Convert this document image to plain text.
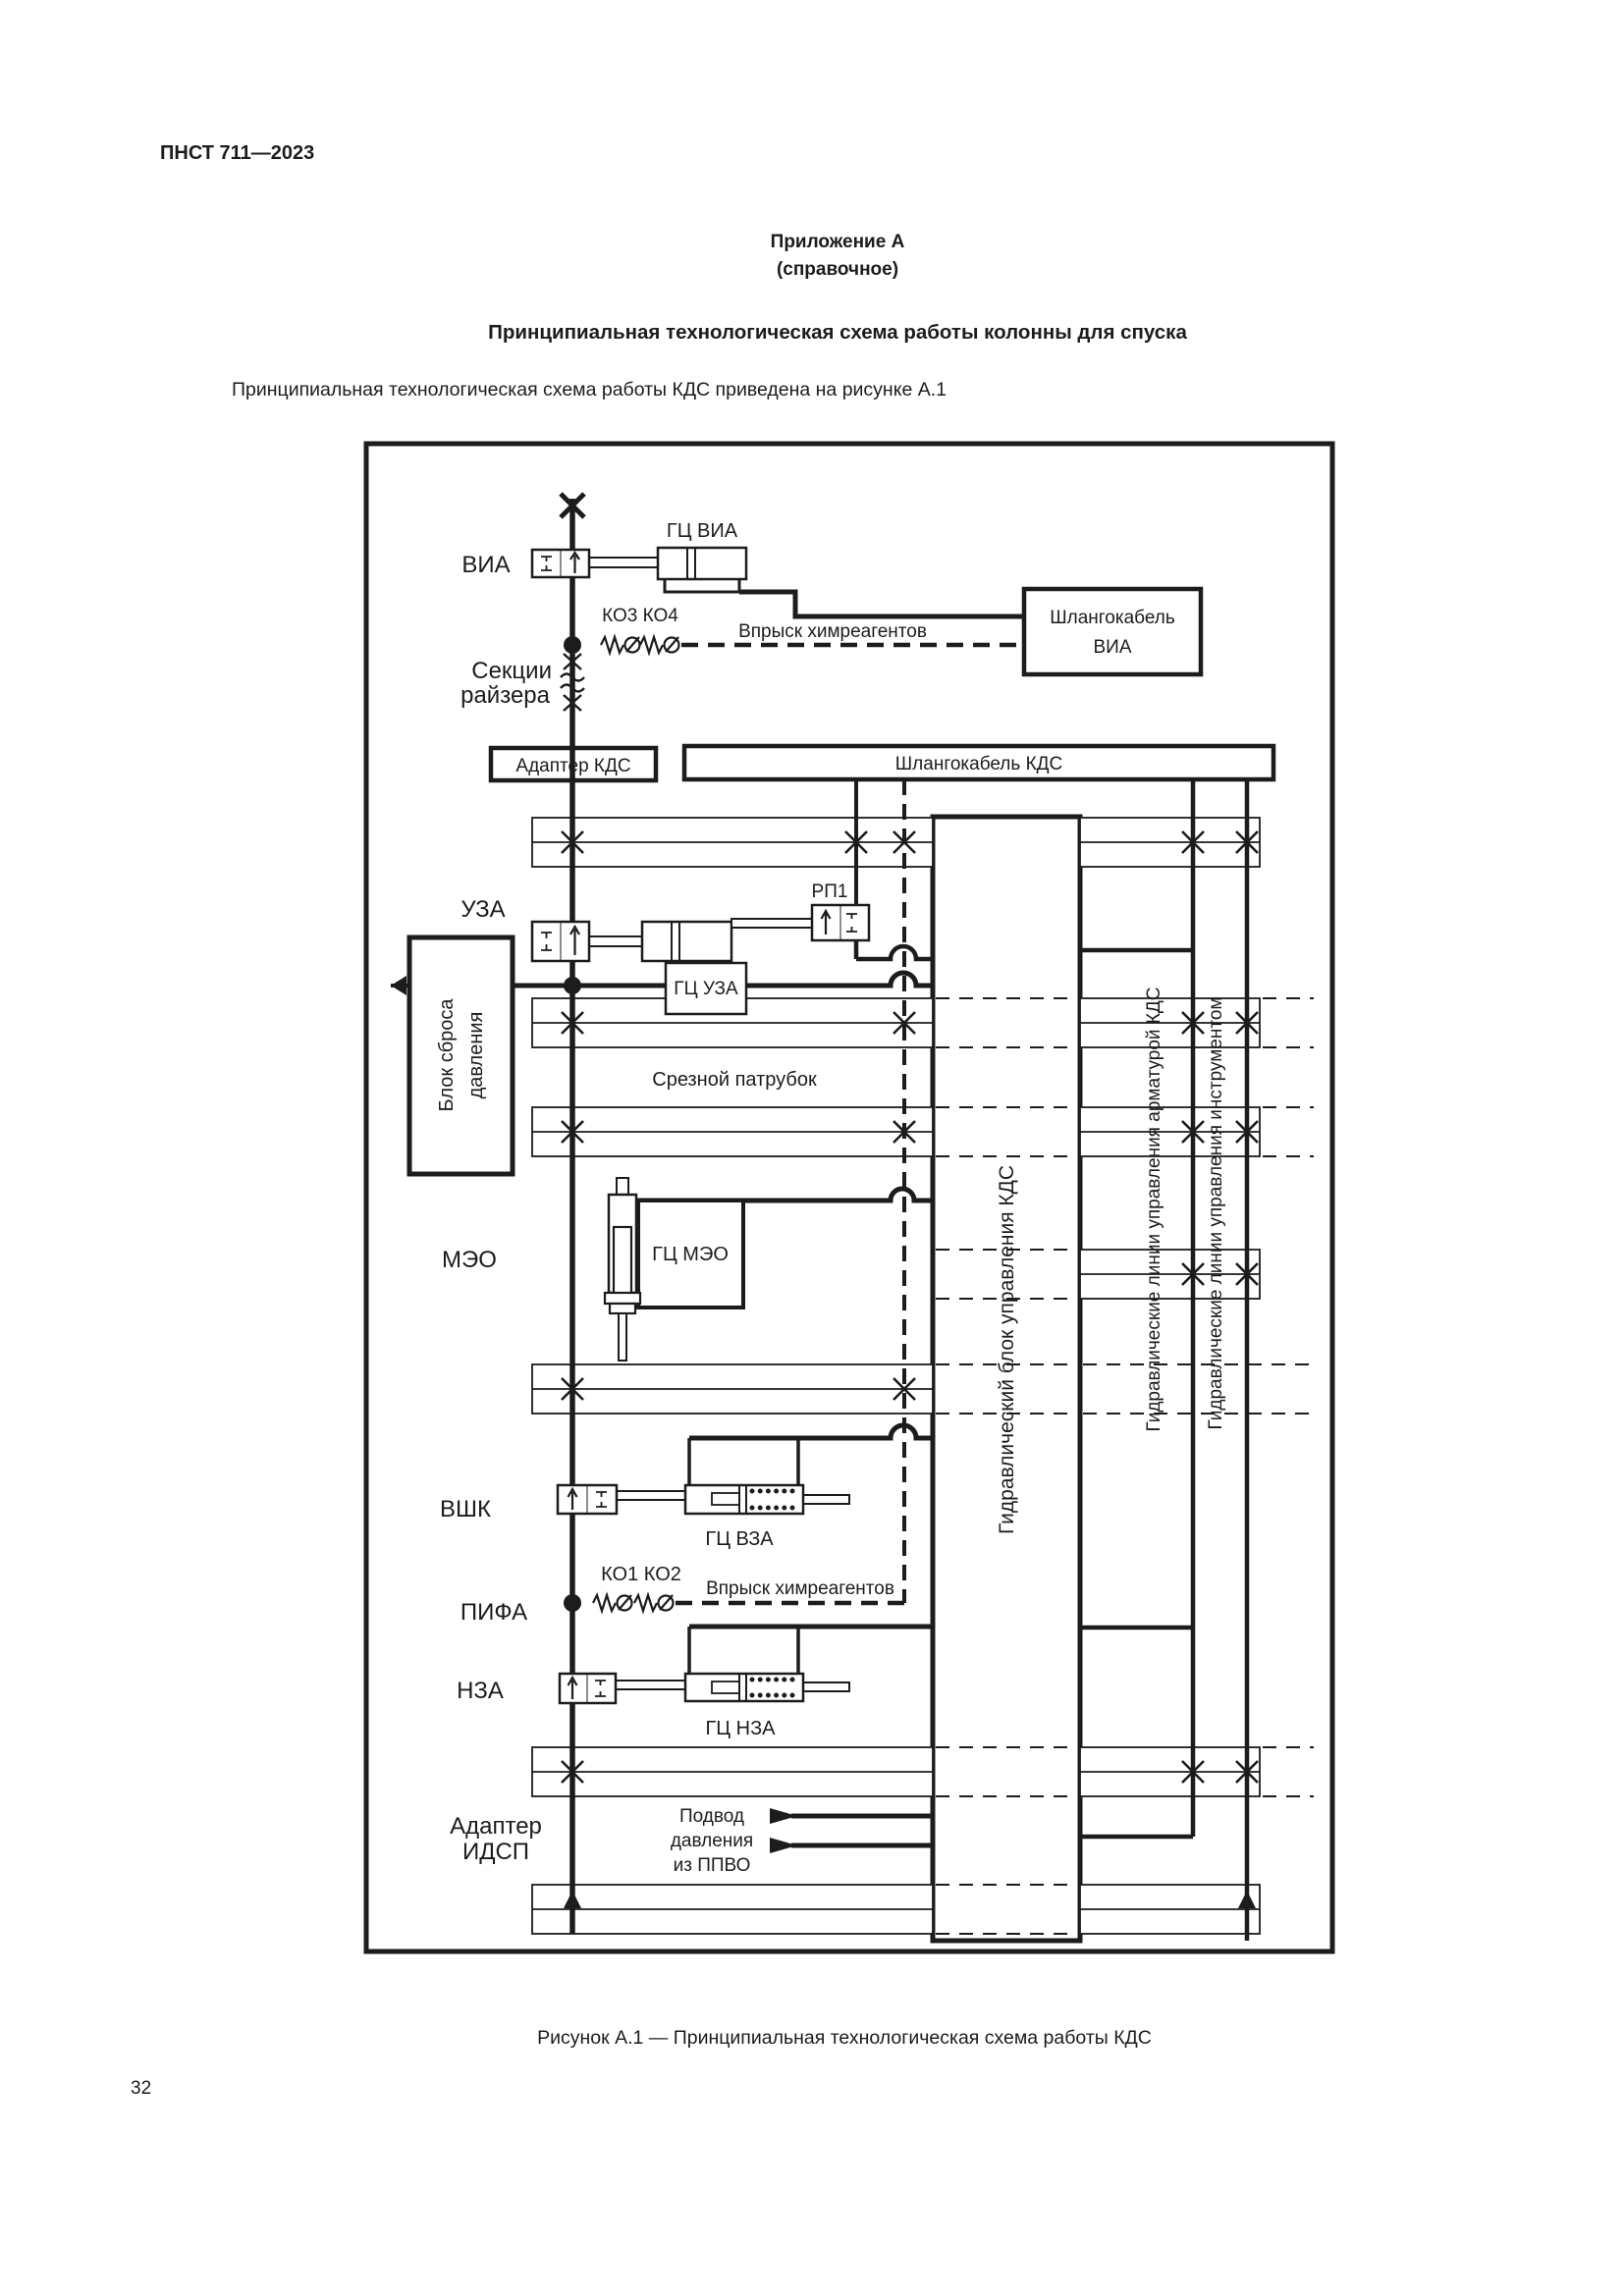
ПНСТ 711—2023
Приложение А
(справочное)
Принципиальная технологическая схема работы колонны для спуска
Принципиальная технологическая схема работы КДС приведена на рисунке А.1
ВИА
ГЦ ВИА
КО3 КО4
Впрыск химреагентов
Шлангокабель
ВИА
Секции
райзера
Адаптер КДС	Шлангокабель КДС
УЗА
РП1
ГЦ УЗА
Блок сброса давления	Срезной патрубок
МЭО	ГЦ МЭО	Гидравлический блок управления КДС	Гидравлические линии управления арматурой КДС Гидравлические линии управления инструментом
ВШК
ГЦ ВЗА
КО1 КО2
Впрыск химреагентов
ПИФА
НЗА
ГЦ НЗА
Адаптер
ИДСП
Подвод
давления
из ППВО
Рисунок А.1 — Принципиальная технологическая схема работы КДС
32
